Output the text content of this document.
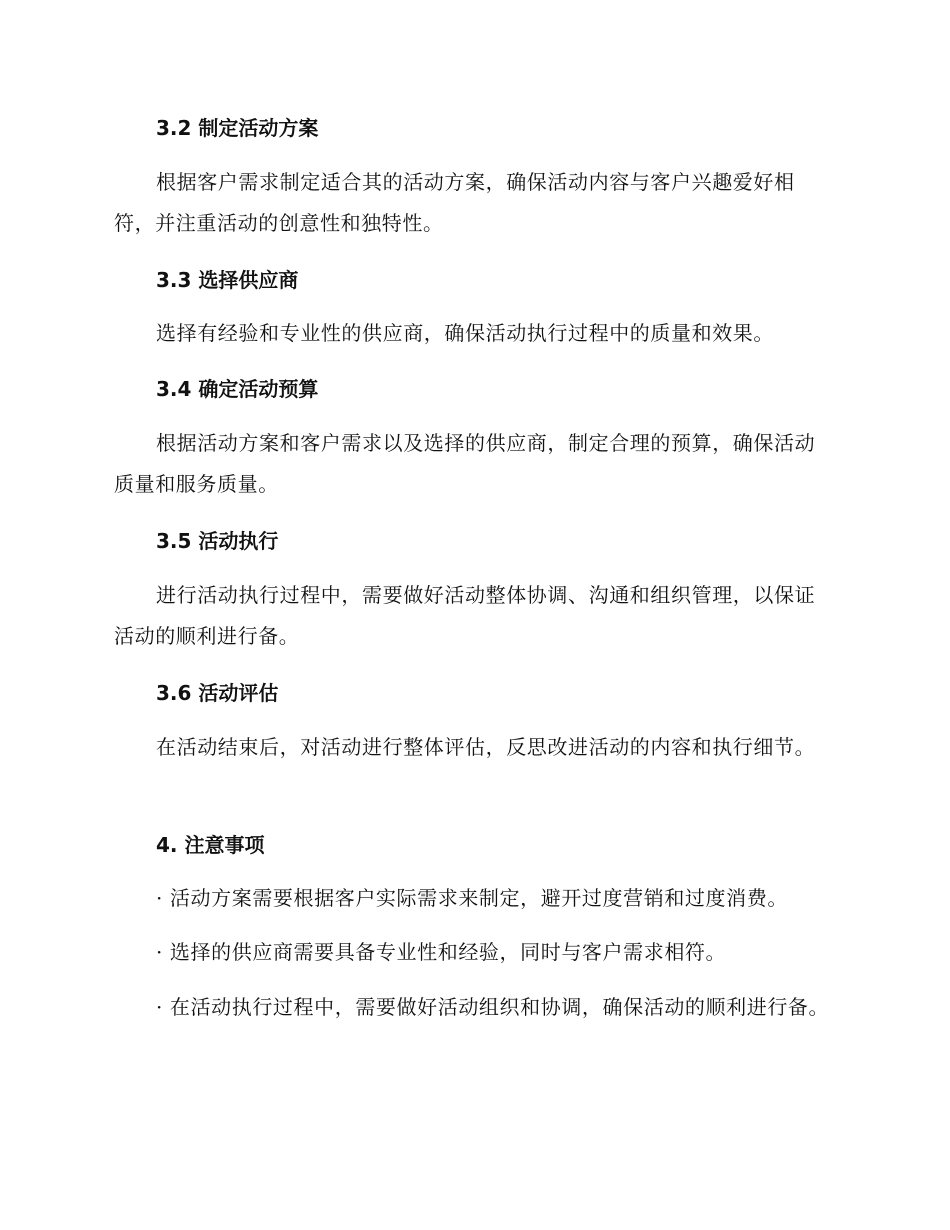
3.2 制定活动方案

根据客户需求制定适合其的活动方案，确保活动内容与客户兴趣爱好相符，并注重活动的创意性和独特性。

3.3 选择供应商

选择有经验和专业性的供应商，确保活动执行过程中的质量和效果。

3.4 确定活动预算

根据活动方案和客户需求以及选择的供应商，制定合理的预算，确保活动质量和服务质量。

3.5 活动执行

进行活动执行过程中，需要做好活动整体协调、沟通和组织管理，以保证活动的顺利进行备。

3.6 活动评估

在活动结束后，对活动进行整体评估，反思改进活动的内容和执行细节。

4. 注意事项

· 活动方案需要根据客户实际需求来制定，避开过度营销和过度消费。

· 选择的供应商需要具备专业性和经验，同时与客户需求相符。

· 在活动执行过程中，需要做好活动组织和协调，确保活动的顺利进行备。
